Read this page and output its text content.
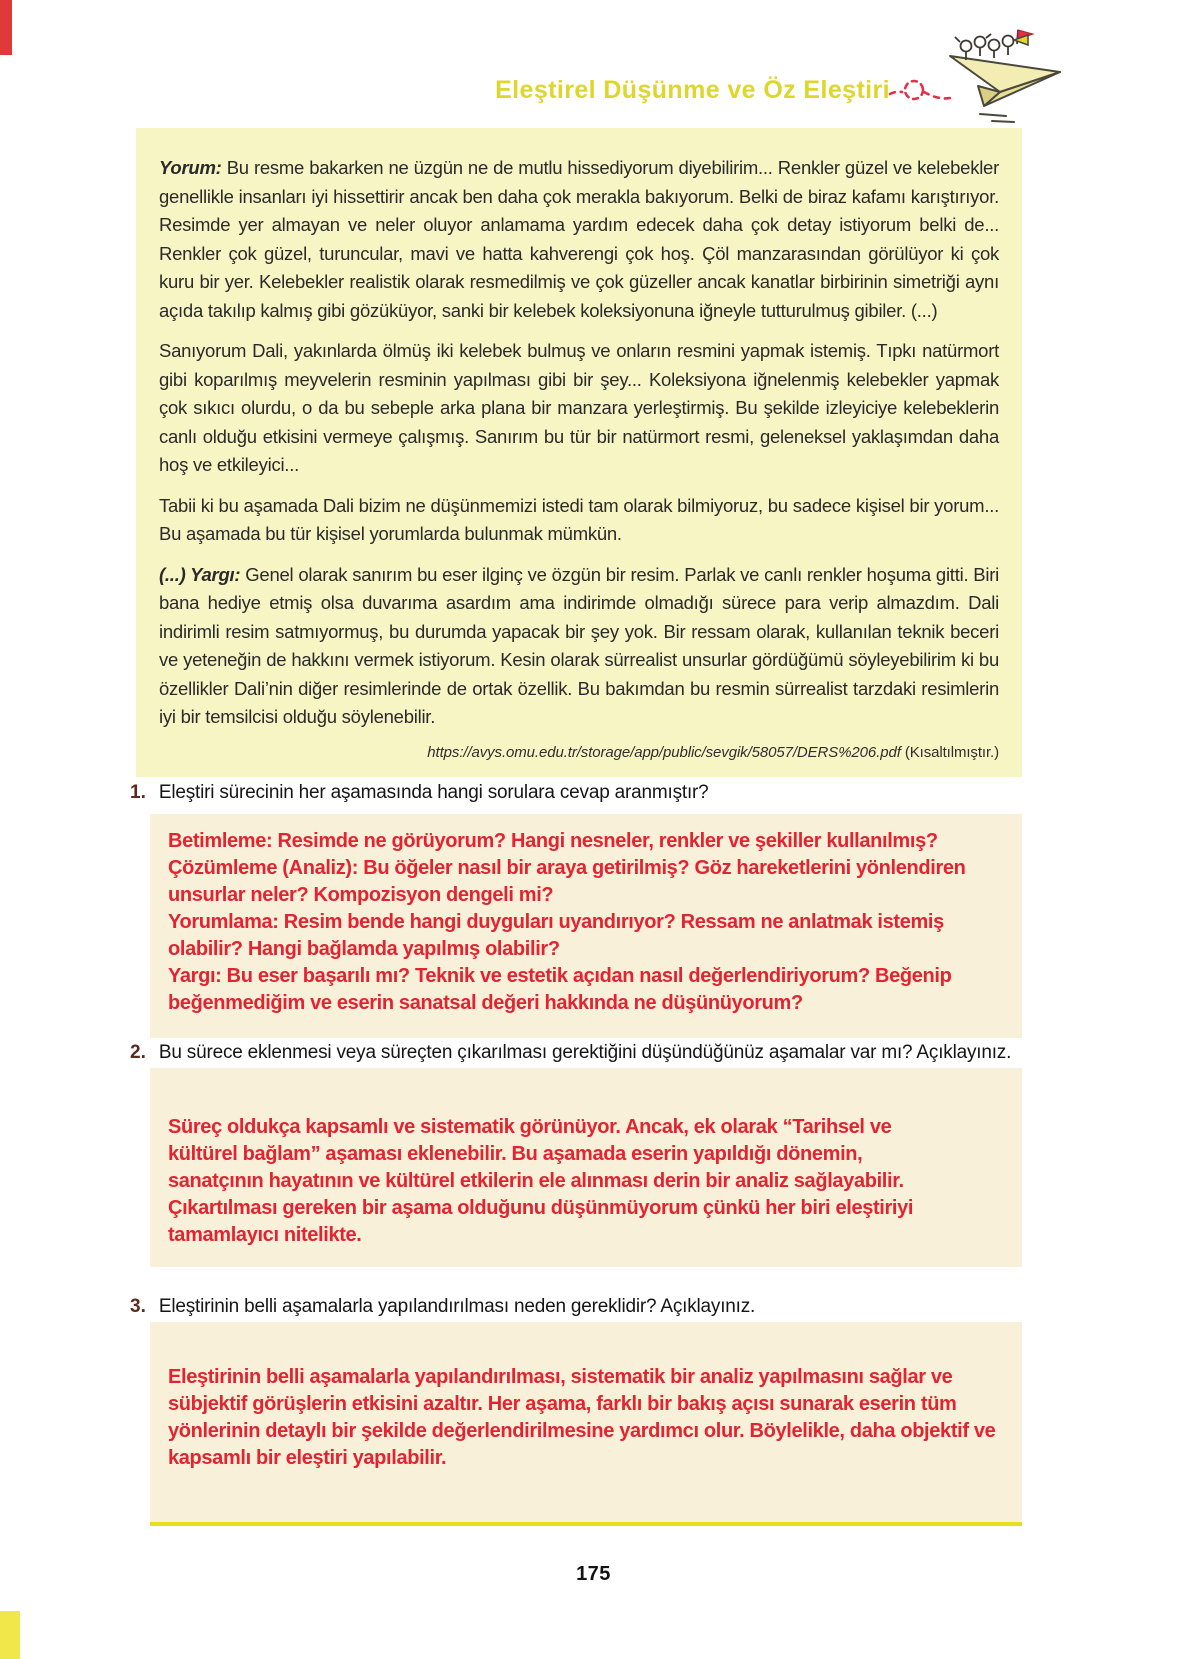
Eleştirel Düşünme ve Öz Eleştiri

Yorum: Bu resme bakarken ne üzgün ne de mutlu hissediyorum diyebilirim... Renkler güzel ve kelebekler genellikle insanları iyi hissettirir ancak ben daha çok merakla bakıyorum. Belki de biraz kafamı karıştırıyor. Resimde yer almayan ve neler oluyor anlamama yardım edecek daha çok detay istiyorum belki de... Renkler çok güzel, turuncular, mavi ve hatta kahverengi çok hoş. Çöl manzarasından görülüyor ki çok kuru bir yer. Kelebekler realistik olarak resmedilmiş ve çok güzeller ancak kanatlar birbirinin simetriği aynı açıda takılıp kalmış gibi gözüküyor, sanki bir kelebek koleksiyonuna iğneyle tutturulmuş gibiler. (...)

Sanıyorum Dali, yakınlarda ölmüş iki kelebek bulmuş ve onların resmini yapmak istemiş. Tıpkı natürmort gibi koparılmış meyvelerin resminin yapılması gibi bir şey... Koleksiyona iğnelenmiş kelebekler yapmak çok sıkıcı olurdu, o da bu sebeple arka plana bir manzara yerleştirmiş. Bu şekilde izleyiciye kelebeklerin canlı olduğu etkisini vermeye çalışmış. Sanırım bu tür bir natürmort resmi, geleneksel yaklaşımdan daha hoş ve etkileyici...

Tabii ki bu aşamada Dali bizim ne düşünmemizi istedi tam olarak bilmiyoruz, bu sadece kişisel bir yorum... Bu aşamada bu tür kişisel yorumlarda bulunmak mümkün.

(...) Yargı: Genel olarak sanırım bu eser ilginç ve özgün bir resim. Parlak ve canlı renkler hoşuma gitti. Biri bana hediye etmiş olsa duvarıma asardım ama indirimde olmadığı sürece para verip almazdım. Dali indirimli resim satmıyormuş, bu durumda yapacak bir şey yok. Bir ressam olarak, kullanılan teknik beceri ve yeteneğin de hakkını vermek istiyorum. Kesin olarak sürrealist unsurlar gördüğümü söyleyebilirim ki bu özellikler Dali’nin diğer resimlerinde de ortak özellik. Bu bakımdan bu resmin sürrealist tarzdaki resimlerin iyi bir temsilcisi olduğu söylenebilir.

https://avys.omu.edu.tr/storage/app/public/sevgik/58057/DERS%206.pdf (Kısaltılmıştır.)
1. Eleştiri sürecinin her aşamasında hangi sorulara cevap aranmıştır?
Betimleme: Resimde ne görüyorum? Hangi nesneler, renkler ve şekiller kullanılmış?
Çözümleme (Analiz): Bu öğeler nasıl bir araya getirilmiş? Göz hareketlerini yönlendiren unsurlar neler? Kompozisyon dengeli mi?
Yorumlama: Resim bende hangi duyguları uyandırıyor? Ressam ne anlatmak istemiş olabilir? Hangi bağlamda yapılmış olabilir?
Yargı: Bu eser başarılı mı? Teknik ve estetik açıdan nasıl değerlendiriyorum? Beğenip beğenmediğim ve eserin sanatsal değeri hakkında ne düşünüyorum?
2. Bu sürece eklenmesi veya süreçten çıkarılması gerektiğini düşündüğünüz aşamalar var mı? Açıklayınız.
Süreç oldukça kapsamlı ve sistematik görünüyor. Ancak, ek olarak “Tarihsel ve kültürel bağlam” aşaması eklenebilir. Bu aşamada eserin yapıldığı dönemin, sanatçının hayatının ve kültürel etkilerin ele alınması derin bir analiz sağlayabilir. Çıkartılması gereken bir aşama olduğunu düşünmüyorum çünkü her biri eleştiriyi tamamlayıcı nitelikte.
3. Eleştirinin belli aşamalarla yapılandırılması neden gereklidir? Açıklayınız.
Eleştirinin belli aşamalarla yapılandırılması, sistematik bir analiz yapılmasını sağlar ve sübjektif görüşlerin etkisini azaltır. Her aşama, farklı bir bakış açısı sunarak eserin tüm yönlerinin detaylı bir şekilde değerlendirilmesine yardımcı olur. Böylelikle, daha objektif ve kapsamlı bir eleştiri yapılabilir.
175
